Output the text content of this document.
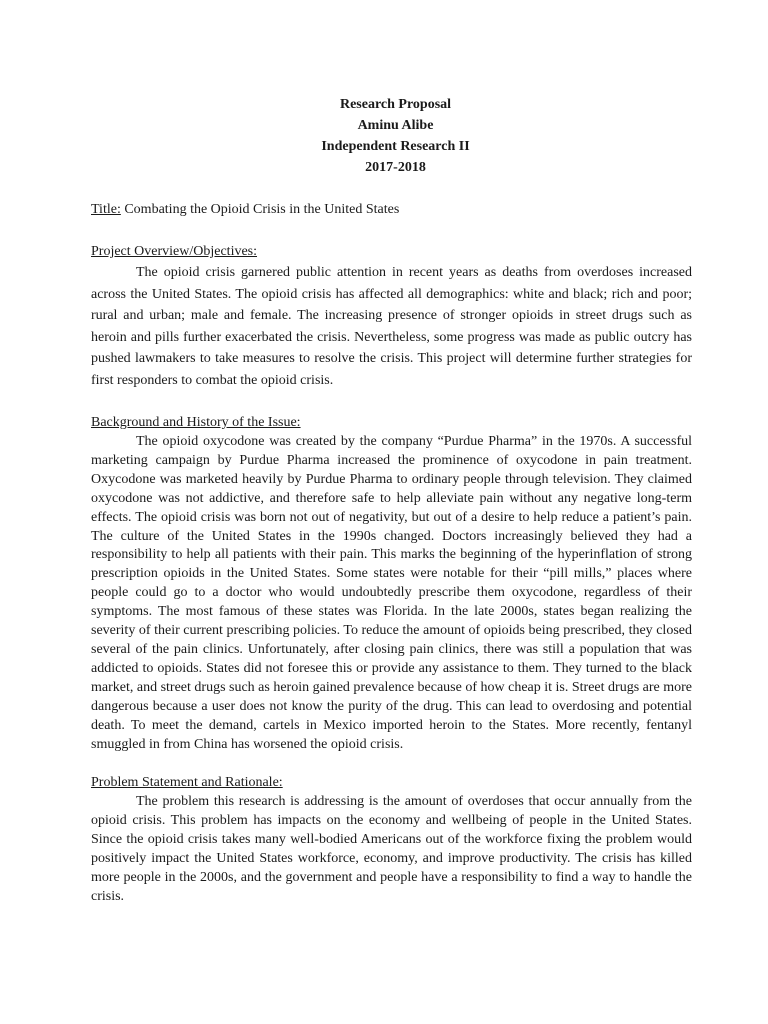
Research Proposal
Aminu Alibe
Independent Research II
2017-2018
Title: Combating the Opioid Crisis in the United States
Project Overview/Objectives:

The opioid crisis garnered public attention in recent years as deaths from overdoses increased across the United States. The opioid crisis has affected all demographics: white and black; rich and poor; rural and urban; male and female. The increasing presence of stronger opioids in street drugs such as heroin and pills further exacerbated the crisis. Nevertheless, some progress was made as public outcry has pushed lawmakers to take measures to resolve the crisis. This project will determine further strategies for first responders to combat the opioid crisis.

Background and History of the Issue:

The opioid oxycodone was created by the company “Purdue Pharma” in the 1970s. A successful marketing campaign by Purdue Pharma increased the prominence of oxycodone in pain treatment. Oxycodone was marketed heavily by Purdue Pharma to ordinary people through television. They claimed oxycodone was not addictive, and therefore safe to help alleviate pain without any negative long-term effects. The opioid crisis was born not out of negativity, but out of a desire to help reduce a patient’s pain. The culture of the United States in the 1990s changed. Doctors increasingly believed they had a responsibility to help all patients with their pain. This marks the beginning of the hyperinflation of strong prescription opioids in the United States. Some states were notable for their “pill mills,” places where people could go to a doctor who would undoubtedly prescribe them oxycodone, regardless of their symptoms. The most famous of these states was Florida. In the late 2000s, states began realizing the severity of their current prescribing policies. To reduce the amount of opioids being prescribed, they closed several of the pain clinics. Unfortunately, after closing pain clinics, there was still a population that was addicted to opioids. States did not foresee this or provide any assistance to them. They turned to the black market, and street drugs such as heroin gained prevalence because of how cheap it is. Street drugs are more dangerous because a user does not know the purity of the drug. This can lead to overdosing and potential death. To meet the demand, cartels in Mexico imported heroin to the States. More recently, fentanyl smuggled in from China has worsened the opioid crisis.

Problem Statement and Rationale:

The problem this research is addressing is the amount of overdoses that occur annually from the opioid crisis. This problem has impacts on the economy and wellbeing of people in the United States. Since the opioid crisis takes many well-bodied Americans out of the workforce fixing the problem would positively impact the United States workforce, economy, and improve productivity. The crisis has killed more people in the 2000s, and the government and people have a responsibility to find a way to handle the crisis.
